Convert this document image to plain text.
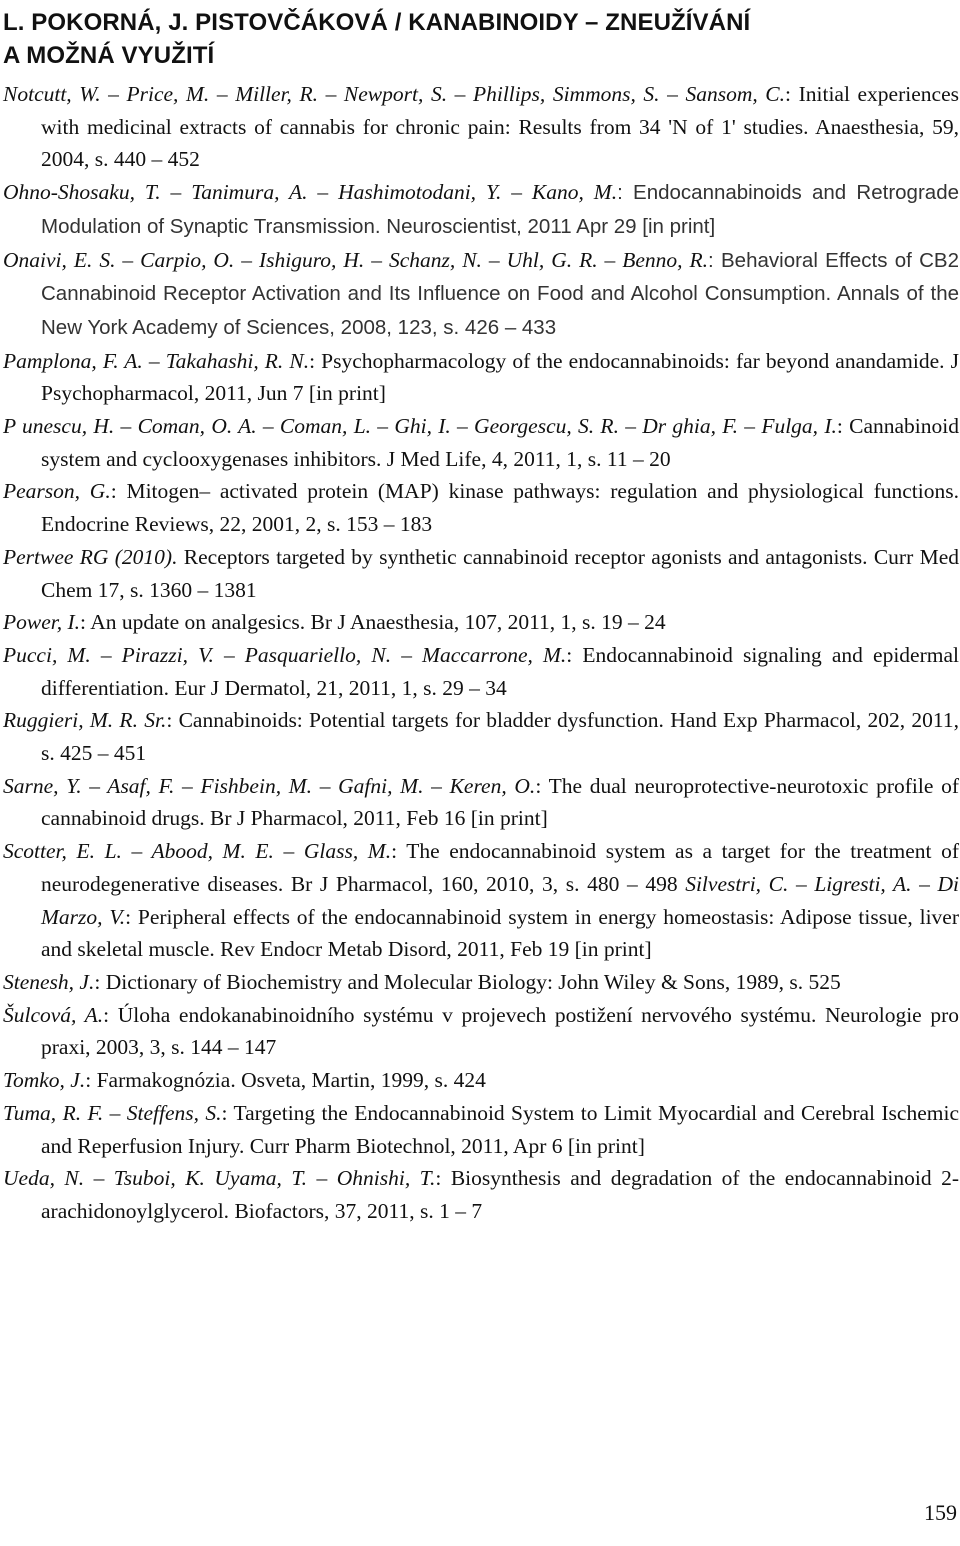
L. POKORNÁ, J. PISTOVČÁKOVÁ / KANABINOIDY – ZNEUŽÍVÁNÍ
A MOŽNÁ VYUŽITÍ

Notcutt, W. – Price, M. – Miller, R. – Newport, S. – Phillips, Simmons, S. – Sansom, C.: Initial experiences with medicinal extracts of cannabis for chronic pain: Results from 34 'N of 1' studies. Anaesthesia, 59, 2004, s. 440 – 452

Ohno-Shosaku, T. – Tanimura, A. – Hashimotodani, Y. – Kano, M.: Endocannabinoids and Retrograde Modulation of Synaptic Transmission. Neuroscientist, 2011 Apr 29 [in print]

Onaivi, E. S. – Carpio, O. – Ishiguro, H. – Schanz, N. – Uhl, G. R. – Benno, R.: Behavioral Effects of CB2 Cannabinoid Receptor Activation and Its Influence on Food and Alcohol Consumption. Annals of the New York Academy of Sciences, 2008, 123, s. 426 – 433

Pamplona, F. A. – Takahashi, R. N.: Psychopharmacology of the endocannabinoids: far beyond anandamide. J Psychopharmacol, 2011, Jun 7 [in print]

P unescu, H. – Coman, O. A. – Coman, L. – Ghi, I. – Georgescu, S. R. – Dr ghia, F. – Fulga, I.: Cannabinoid system and cyclooxygenases inhibitors. J Med Life, 4, 2011, 1, s. 11 – 20

Pearson, G.: Mitogen– activated protein (MAP) kinase pathways: regulation and physiological functions. Endocrine Reviews, 22, 2001, 2, s. 153 – 183

Pertwee RG (2010). Receptors targeted by synthetic cannabinoid receptor agonists and antagonists. Curr Med Chem 17, s. 1360 – 1381

Power, I.: An update on analgesics. Br J Anaesthesia, 107, 2011, 1, s. 19 – 24

Pucci, M. – Pirazzi, V. – Pasquariello, N. – Maccarrone, M.: Endocannabinoid signaling and epidermal differentiation. Eur J Dermatol, 21, 2011, 1, s. 29 – 34

Ruggieri, M. R. Sr.: Cannabinoids: Potential targets for bladder dysfunction. Hand Exp Pharmacol, 202, 2011, s. 425 – 451

Sarne, Y. – Asaf, F. – Fishbein, M. – Gafni, M. – Keren, O.: The dual neuroprotective-neurotoxic profile of cannabinoid drugs. Br J Pharmacol, 2011, Feb 16 [in print]

Scotter, E. L. – Abood, M. E. – Glass, M.: The endocannabinoid system as a target for the treatment of neurodegenerative diseases. Br J Pharmacol, 160, 2010, 3, s. 480 – 498 Silvestri, C. – Ligresti, A. – Di Marzo, V.: Peripheral effects of the endocannabinoid system in energy homeostasis: Adipose tissue, liver and skeletal muscle. Rev Endocr Metab Disord, 2011, Feb 19 [in print]

Stenesh, J.: Dictionary of Biochemistry and Molecular Biology: John Wiley & Sons, 1989, s. 525

Šulcová, A.: Úloha endokanabinoidního systému v projevech postižení nervového systému. Neurologie pro praxi, 2003, 3, s. 144 – 147

Tomko, J.: Farmakognózia. Osveta, Martin, 1999, s. 424

Tuma, R. F. – Steffens, S.: Targeting the Endocannabinoid System to Limit Myocardial and Cerebral Ischemic and Reperfusion Injury. Curr Pharm Biotechnol, 2011, Apr 6 [in print]

Ueda, N. – Tsuboi, K. Uyama, T. – Ohnishi, T.: Biosynthesis and degradation of the endocannabinoid 2-arachidonoylglycerol. Biofactors, 37, 2011, s. 1 – 7

159
